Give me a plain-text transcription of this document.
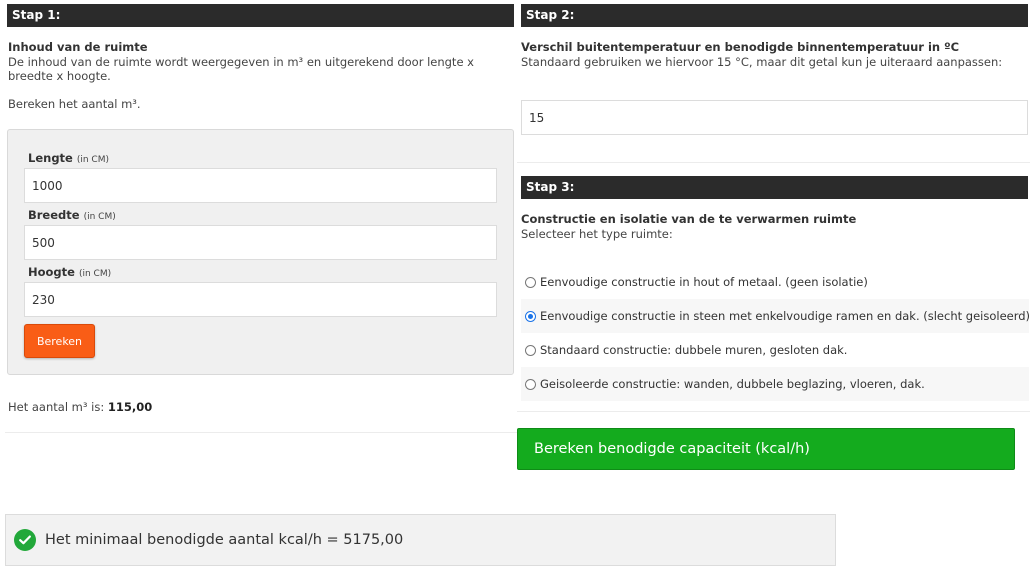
Stap 1:
Inhoud van de ruimte
De inhoud van de ruimte wordt weergegeven in m³ en uitgerekend door lengte x breedte x hoogte.
Bereken het aantal m³.
Lengte (in CM)
1000
Breedte (in CM)
500
Hoogte (in CM)
230
Bereken
Het aantal m³ is: 115,00
Stap 2:
Verschil buitentemperatuur en benodigde binnentemperatuur in ºC
Standaard gebruiken we hiervoor 15 °C, maar dit getal kun je uiteraard aanpassen:
15
Stap 3:
Constructie en isolatie van de te verwarmen ruimte
Selecteer het type ruimte:
Eenvoudige constructie in hout of metaal. (geen isolatie)
Eenvoudige constructie in steen met enkelvoudige ramen en dak. (slecht geisoleerd)
Standaard constructie: dubbele muren, gesloten dak.
Geisoleerde constructie: wanden, dubbele beglazing, vloeren, dak.
Bereken benodigde capaciteit (kcal/h)
Het minimaal benodigde aantal kcal/h = 5175,00
